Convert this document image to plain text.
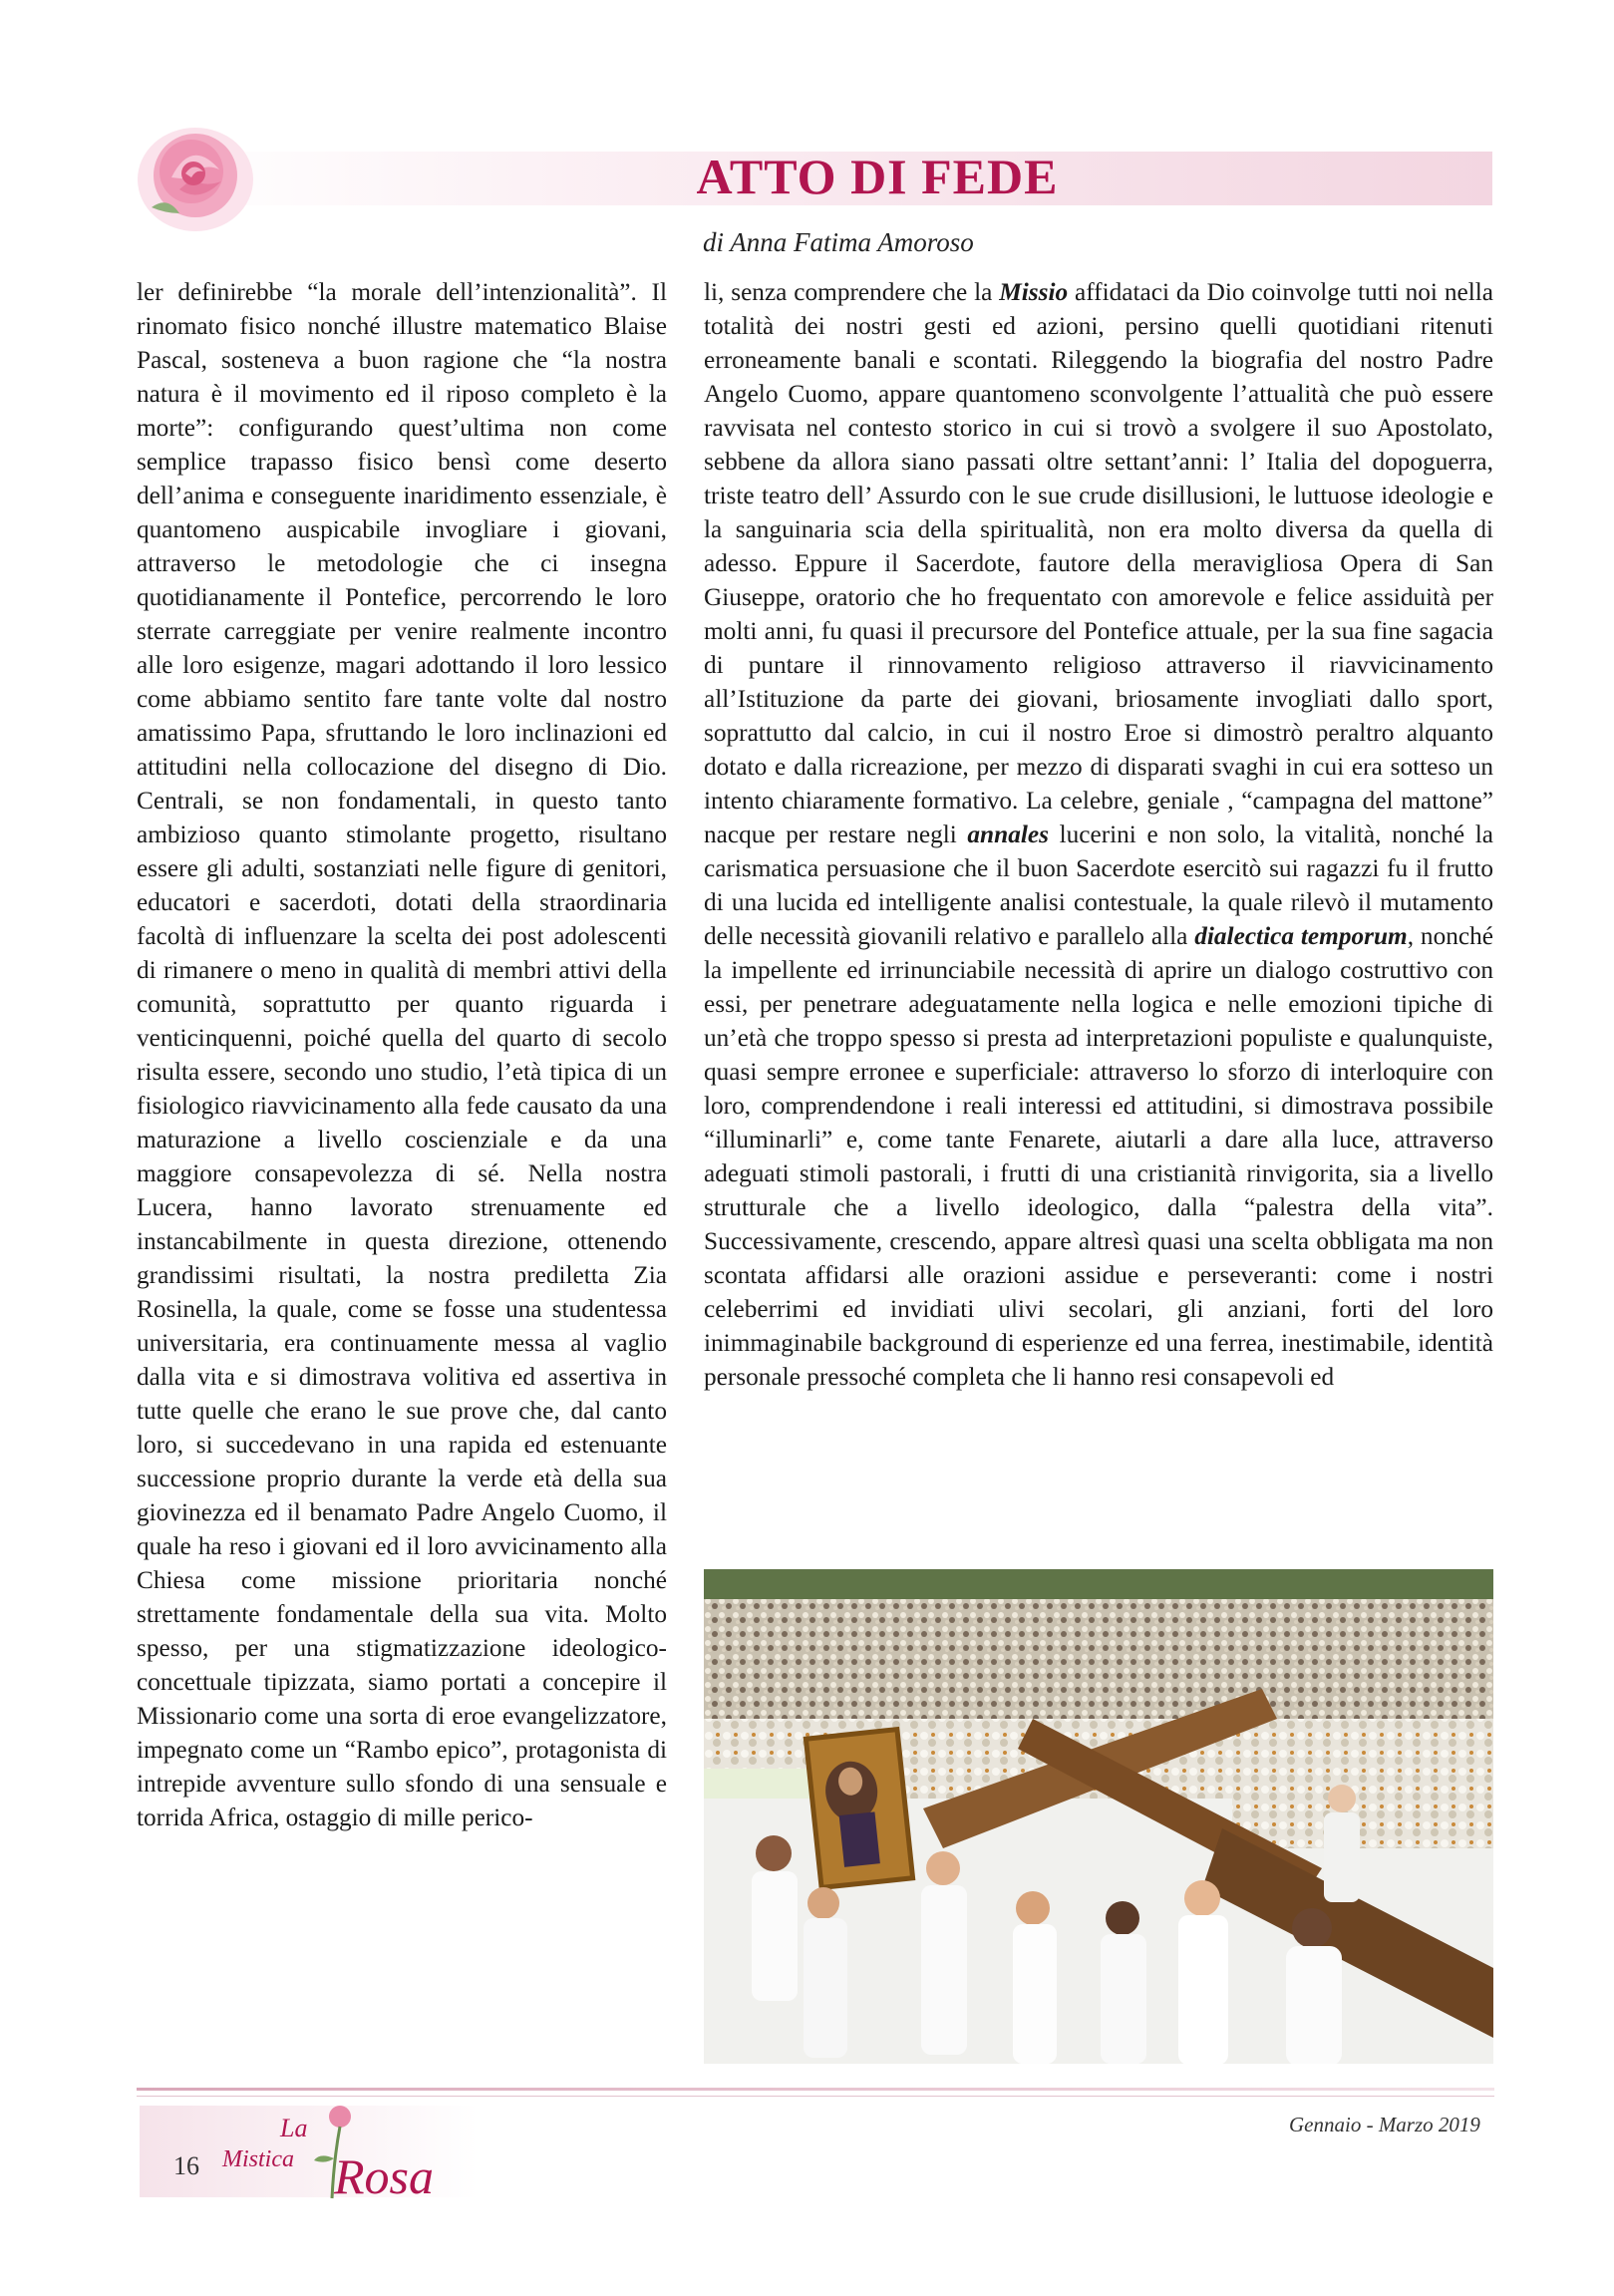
ATTO DI FEDE
di Anna Fatima Amoroso

ler definirebbe “la morale dell’intenzionalità”. Il rinomato fisico nonché illustre matematico Blaise Pascal, sosteneva a buon ragione che “la nostra natura è il movimento ed il riposo completo è la morte”: configurando quest’ultima non come semplice trapasso fisico bensì come deserto dell’anima e conseguente inaridimento essenziale, è quantomeno auspicabile invogliare i giovani, attraverso le metodologie che ci insegna quotidianamente il Pontefice, percorrendo le loro sterrate carreggiate per venire realmente incontro alle loro esigenze, magari adottando il loro lessico come abbiamo sentito fare tante volte dal nostro amatissimo Papa, sfruttando le loro inclinazioni ed attitudini nella collocazione del disegno di Dio. Centrali, se non fondamentali, in questo tanto ambizioso quanto stimolante progetto, risultano essere gli adulti, sostanziati nelle figure di genitori, educatori e sacerdoti, dotati della straordinaria facoltà di influenzare la scelta dei post adolescenti di rimanere o meno in qualità di membri attivi della comunità, soprattutto per quanto riguarda i venticinquenni, poiché quella del quarto di secolo risulta essere, secondo uno studio, l’età tipica di un fisiologico riavvicinamento alla fede causato da una maturazione a livello coscienziale e da una maggiore consapevolezza di sé. Nella nostra Lucera, hanno lavorato strenuamente ed instancabilmente in questa direzione, ottenendo grandissimi risultati, la nostra prediletta Zia Rosinella, la quale, come se fosse una studentessa universitaria, era continuamente messa al vaglio dalla vita e si dimostrava volitiva ed assertiva in tutte quelle che erano le sue prove che, dal canto loro, si succedevano in una rapida ed estenuante successione proprio durante la verde età della sua giovinezza ed il benamato Padre Angelo Cuomo, il quale ha reso i giovani ed il loro avvicinamento alla Chiesa come missione prioritaria nonché strettamente fondamentale della sua vita. Molto spesso, per una stigmatizzazione ideologico- concettuale tipizzata, siamo portati a concepire il Missionario come una sorta di eroe evangelizzatore, impegnato come un “Rambo epico”, protagonista di intrepide avventure sullo sfondo di una sensuale e torrida Africa, ostaggio di mille perico-

li, senza comprendere che la Missio affidataci da Dio coinvolge tutti noi nella totalità dei nostri gesti ed azioni, persino quelli quotidiani ritenuti erroneamente banali e scontati. Rileggendo la biografia del nostro Padre Angelo Cuomo, appare quantomeno sconvolgente l’attualità che può essere ravvisata nel contesto storico in cui si trovò a svolgere il suo Apostolato, sebbene da allora siano passati oltre settant’anni: l’ Italia del dopoguerra, triste teatro dell’ Assurdo con le sue crude disillusioni, le luttuose ideologie e la sanguinaria scia della spiritualità, non era molto diversa da quella di adesso. Eppure il Sacerdote, fautore della meravigliosa Opera di San Giuseppe, oratorio che ho frequentato con amorevole e felice assiduità per molti anni, fu quasi il precursore del Pontefice attuale, per la sua fine sagacia di puntare il rinnovamento religioso attraverso il riavvicinamento all’Istituzione da parte dei giovani, briosamente invogliati dallo sport, soprattutto dal calcio, in cui il nostro Eroe si dimostrò peraltro alquanto dotato e dalla ricreazione, per mezzo di disparati svaghi in cui era sotteso un intento chiaramente formativo. La celebre, geniale , “campagna del mattone” nacque per restare negli annales lucerini e non solo, la vitalità, nonché la carismatica persuasione che il buon Sacerdote esercitò sui ragazzi fu il frutto di una lucida ed intelligente analisi contestuale, la quale rilevò il mutamento delle necessità giovanili relativo e parallelo alla dialectica temporum, nonché la impellente ed irrinunciabile necessità di aprire un dialogo costruttivo con essi, per penetrare adeguatamente nella logica e nelle emozioni tipiche di un’età che troppo spesso si presta ad interpretazioni populiste e qualunquiste, quasi sempre erronee e superficiale: attraverso lo sforzo di interloquire con loro, comprendendone i reali interessi ed attitudini, si dimostrava possibile “illuminarli” e, come tante Fenarete, aiutarli a dare alla luce, attraverso adeguati stimoli pastorali, i frutti di una cristianità rinvigorita, sia a livello strutturale che a livello ideologico, dalla “palestra della vita”. Successivamente, crescendo, appare altresì quasi una scelta obbligata ma non scontata affidarsi alle orazioni assidue e perseveranti: come i nostri celeberrimi ed invidiati ulivi secolari, gli anziani, forti del loro inimmaginabile background di esperienze ed una ferrea, inestimabile, identità personale pressoché completa che li hanno resi consapevoli ed

16
La
Mistica Rosa
Gennaio - Marzo 2019
